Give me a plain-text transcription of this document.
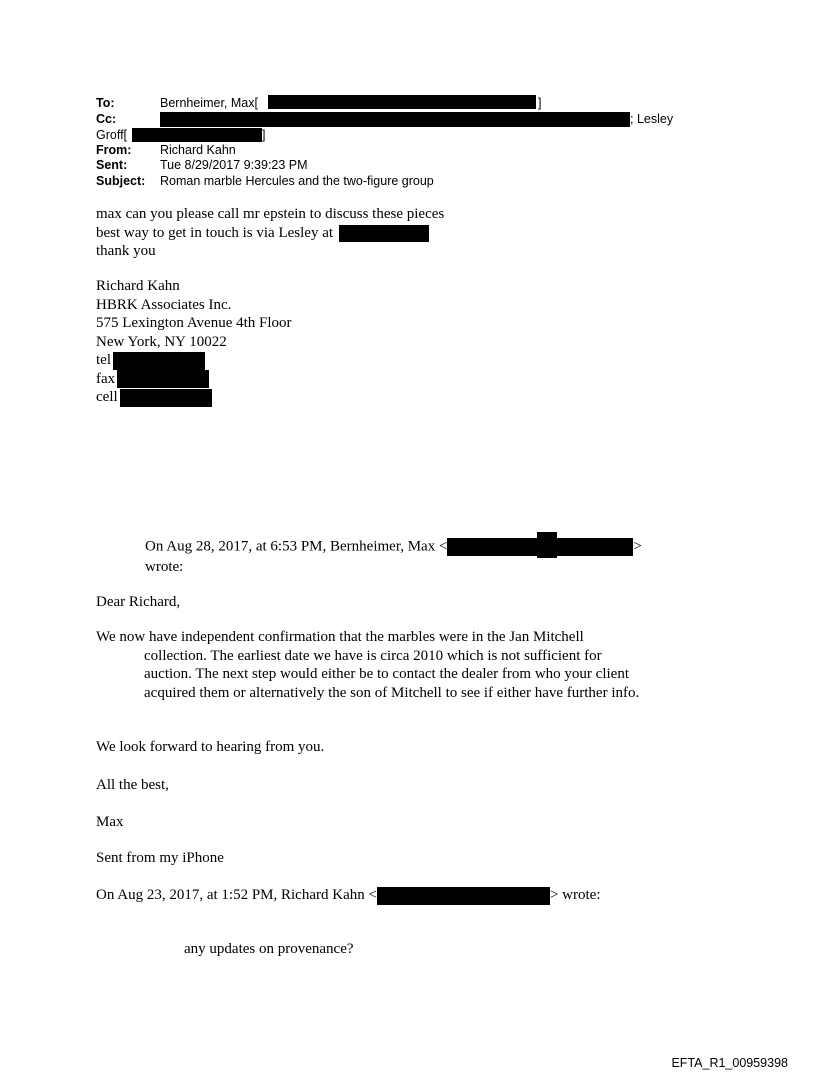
To:	Bernheimer, Max[	]
Cc:	; Lesley
Groff[	]
From: Richard Kahn
Sent:	Tue 8/29/2017 9:39:23 PM
Subject: Roman marble Hercules and the two-figure group
max can you please call mr epstein to discuss these pieces
best way to get in touch is via Lesley at
thank you
Richard Kahn
HBRK Associates Inc.
575 Lexington Avenue 4th Floor
New York, NY 10022
tel
fax
cell
On Aug 28, 2017, at 6:53 PM, Bernheimer, Max <	>
wrote:
Dear Richard,
We now have independent confirmation that the marbles were in the Jan Mitchell
collection. The earliest date we have is circa 2010 which is not sufficient for
auction. The next step would either be to contact the dealer from who your client
acquired them or alternatively the son of Mitchell to see if either have further info.
We look forward to hearing from you.
All the best,
Max
Sent from my iPhone
On Aug 23, 2017, at 1:52 PM, Richard Kahn <	> wrote:
any updates on provenance?
EFTA_R1_00959398
